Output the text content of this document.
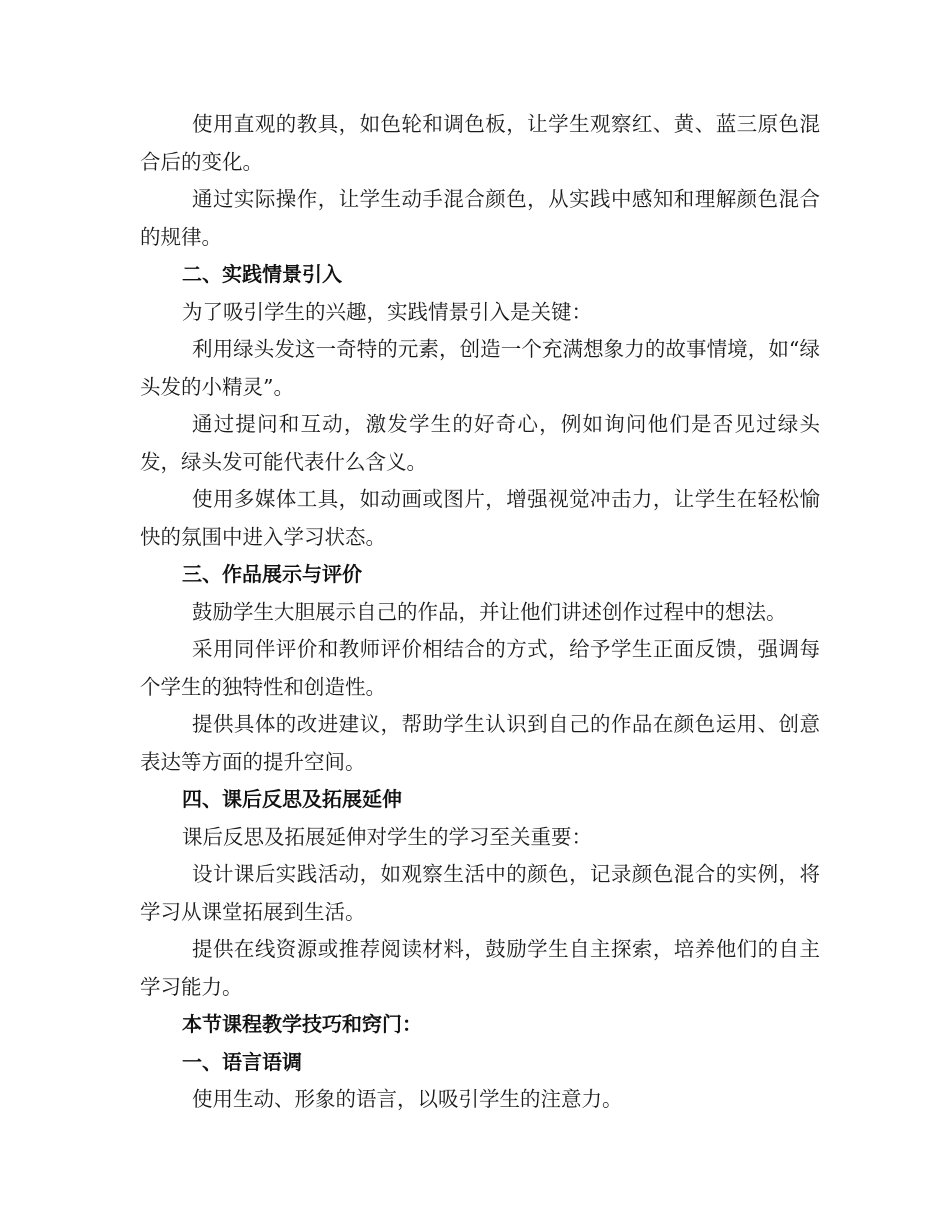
使用直观的教具，如色轮和调色板，让学生观察红、黄、蓝三原色混合后的变化。

通过实际操作，让学生动手混合颜色，从实践中感知和理解颜色混合的规律。

二、实践情景引入

为了吸引学生的兴趣，实践情景引入是关键：

利用绿头发这一奇特的元素，创造一个充满想象力的故事情境，如“绿头发的小精灵”。

通过提问和互动，激发学生的好奇心，例如询问他们是否见过绿头发，绿头发可能代表什么含义。

使用多媒体工具，如动画或图片，增强视觉冲击力，让学生在轻松愉快的氛围中进入学习状态。

三、作品展示与评价

鼓励学生大胆展示自己的作品，并让他们讲述创作过程中的想法。

采用同伴评价和教师评价相结合的方式，给予学生正面反馈，强调每个学生的独特性和创造性。

提供具体的改进建议，帮助学生认识到自己的作品在颜色运用、创意表达等方面的提升空间。

四、课后反思及拓展延伸

课后反思及拓展延伸对学生的学习至关重要：

设计课后实践活动，如观察生活中的颜色，记录颜色混合的实例，将学习从课堂拓展到生活。

提供在线资源或推荐阅读材料，鼓励学生自主探索，培养他们的自主学习能力。

本节课程教学技巧和窍门：

一、语言语调

使用生动、形象的语言，以吸引学生的注意力。
